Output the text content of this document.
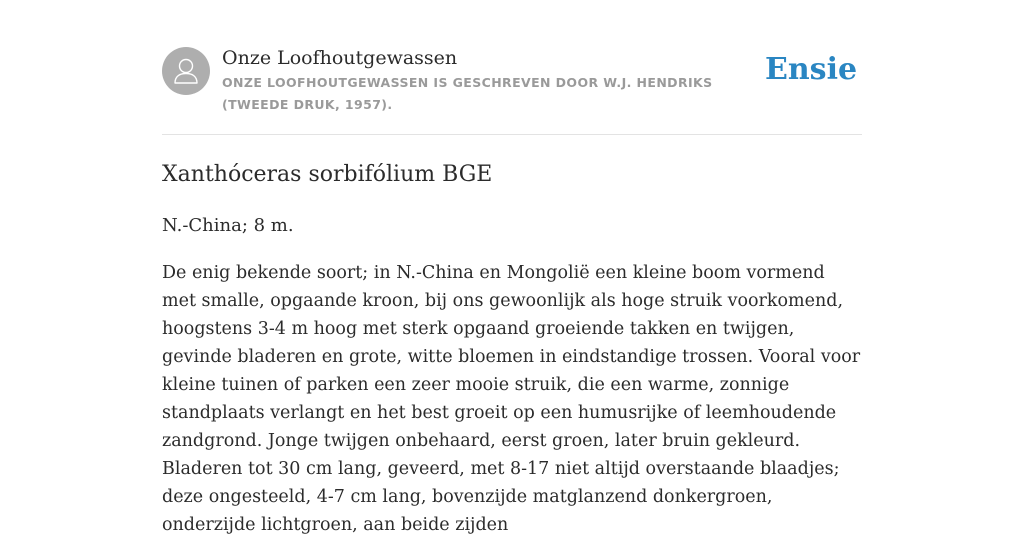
Onze Loofhoutgewassen
ONZE LOOFHOUTGEWASSEN IS GESCHREVEN DOOR W.J. HENDRIKS (TWEEDE DRUK, 1957).
Ensie
Xanthóceras sorbifólium BGE

N.-China; 8 m.

De enig bekende soort; in N.-China en Mongolië een kleine boom vormend met smalle, opgaande kroon, bij ons gewoonlijk als hoge struik voorkomend, hoogstens 3-4 m hoog met sterk opgaand groeiende takken en twijgen, gevinde bladeren en grote, witte bloemen in eindstandige trossen. Vooral voor kleine tuinen of parken een zeer mooie struik, die een warme, zonnige standplaats verlangt en het best groeit op een humusrijke of leemhoudende zandgrond. Jonge twijgen onbehaard, eerst groen, later bruin gekleurd. Bladeren tot 30 cm lang, geveerd, met 8-17 niet altijd overstaande blaadjes; deze ongesteeld, 4-7 cm lang, bovenzijde matglanzend donkergroen, onderzijde lichtgroen, aan beide zijden
